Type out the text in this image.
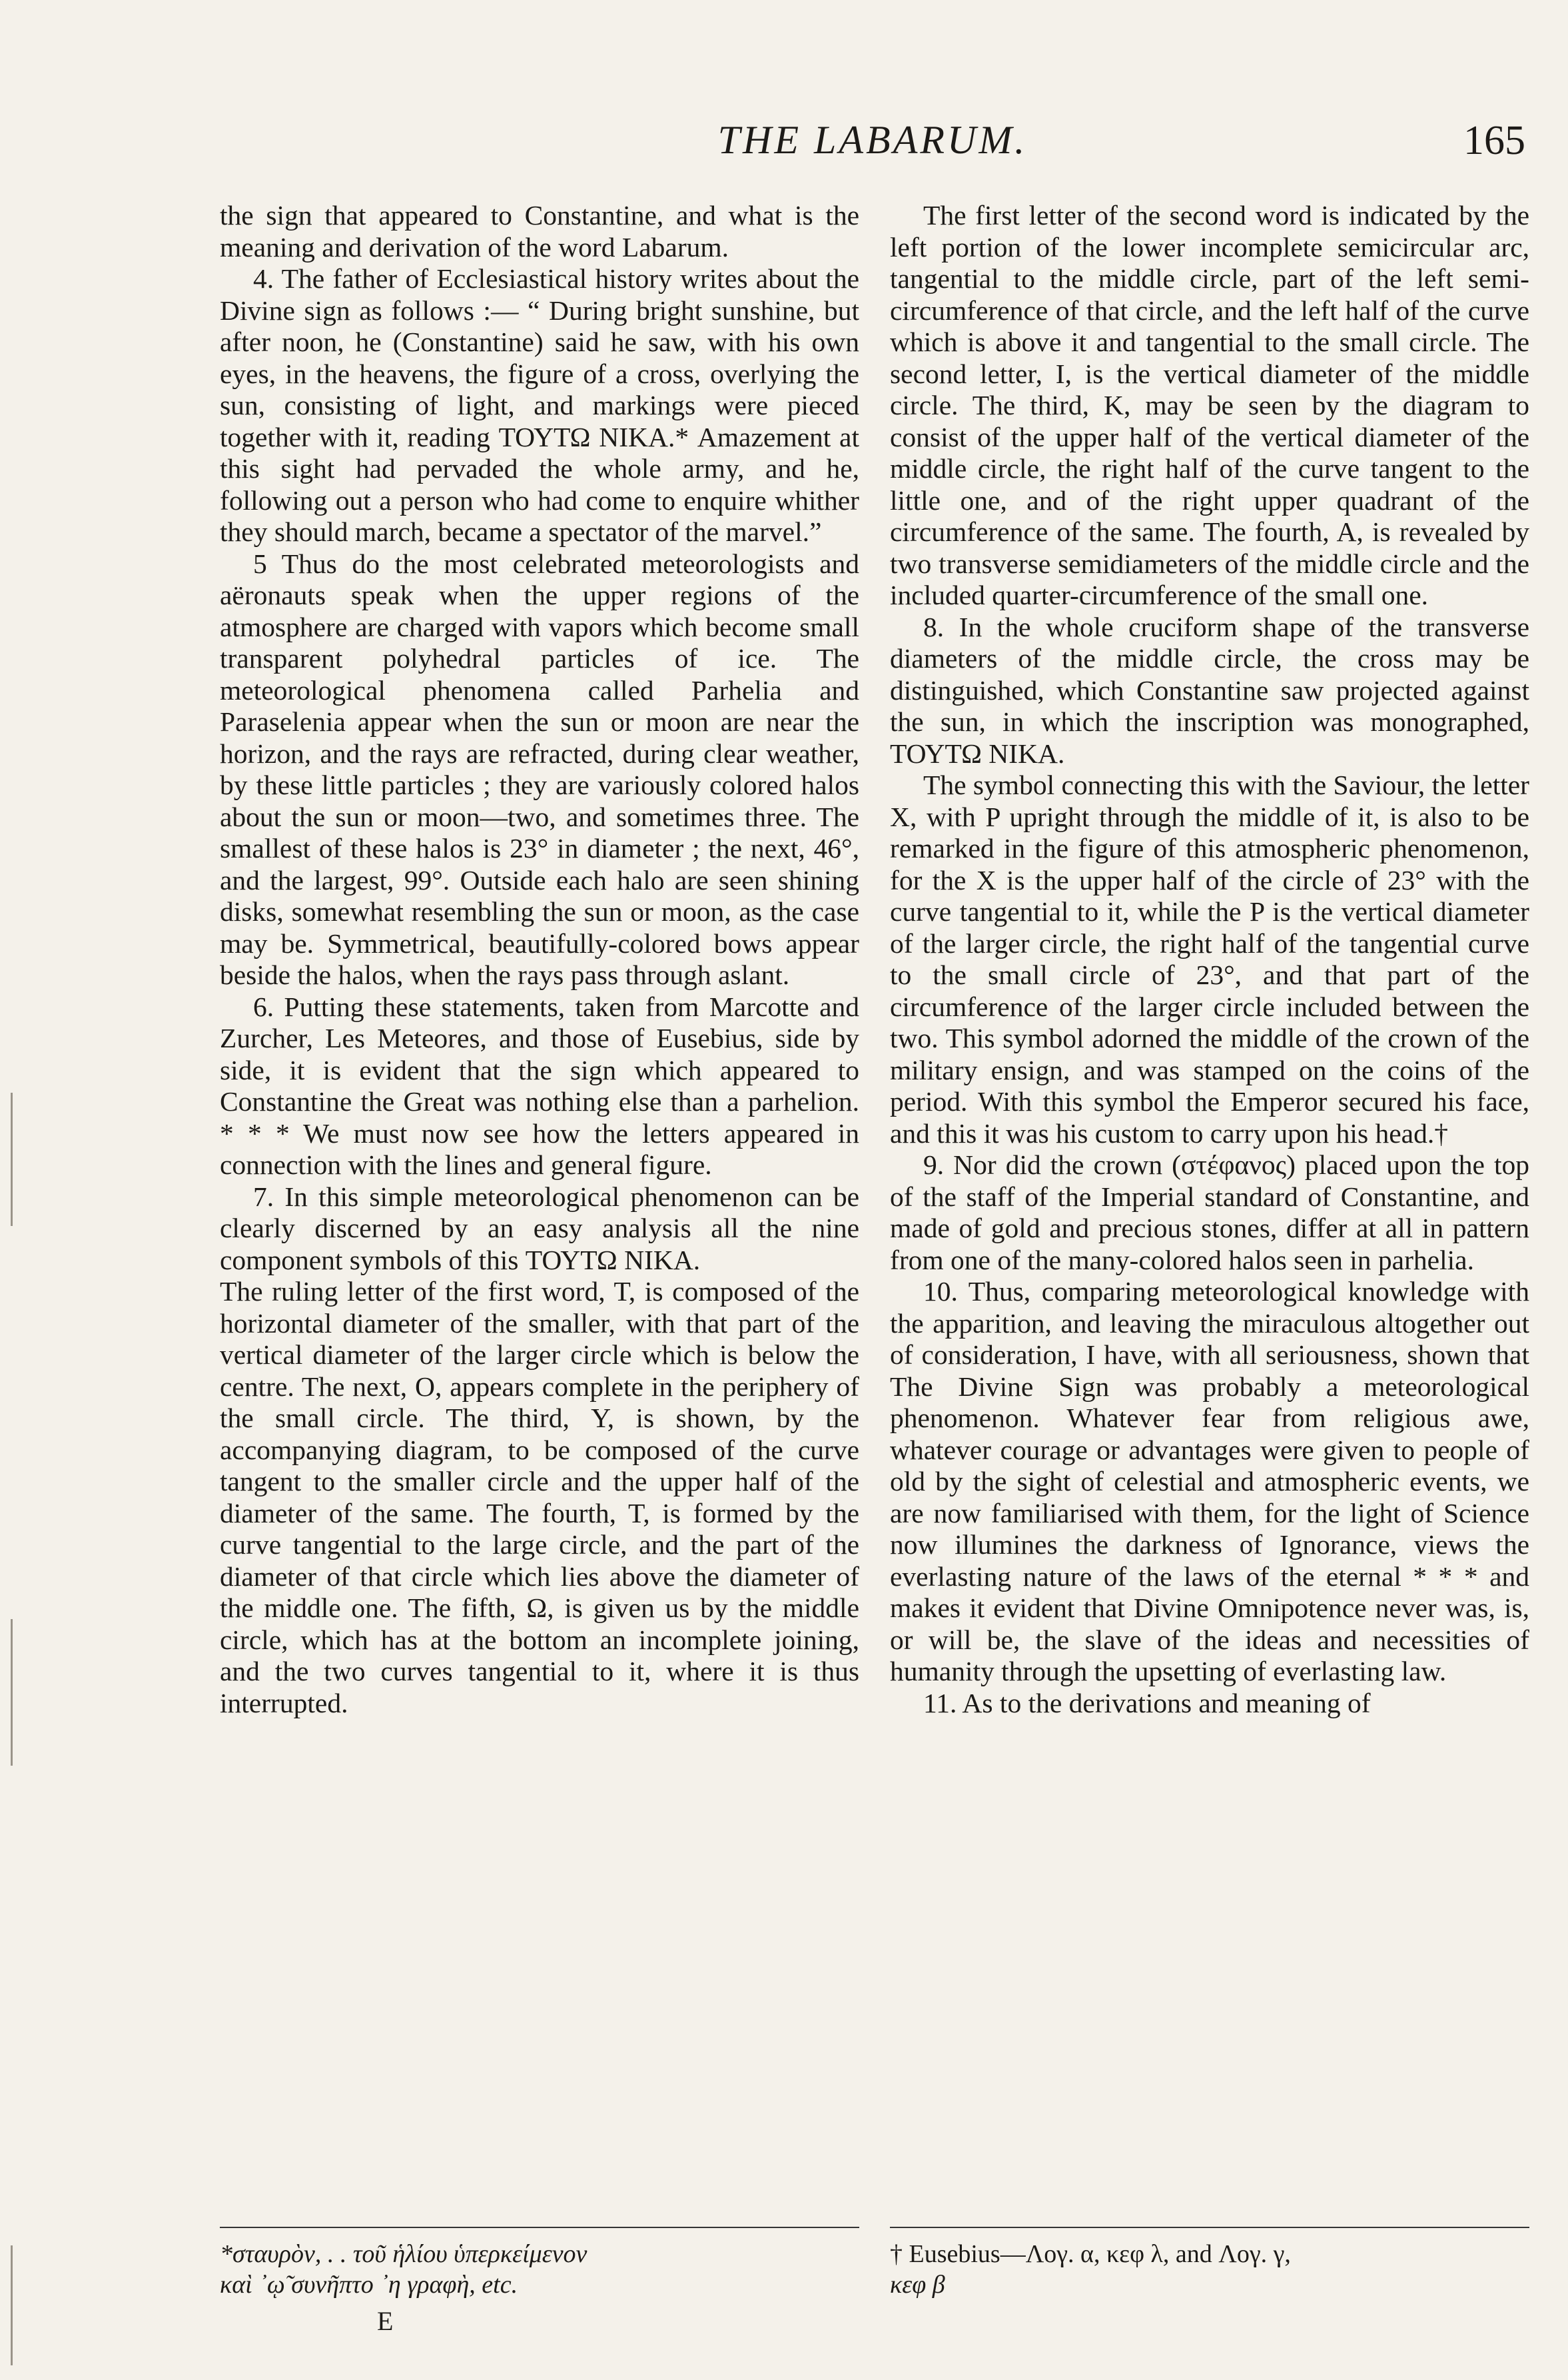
THE LABARUM.	165

the sign that appeared to Constantine, and what is the meaning and derivation of the word Labarum.

4. The father of Ecclesiastical history writes about the Divine sign as follows :— “ During bright sunshine, but after noon, he (Constantine) said he saw, with his own eyes, in the heavens, the figure of a cross, overlying the sun, consisting of light, and markings were pieced together with it, reading ΤΟΥΤΩ ΝΙΚΑ.* Amazement at this sight had pervaded the whole army, and he, following out a person who had come to enquire whither they should march, became a spectator of the marvel.”

5 Thus do the most celebrated meteorologists and aëronauts speak when the upper regions of the atmosphere are charged with vapors which become small transparent polyhedral particles of ice. The meteorological phenomena called Parhelia and Paraselenia appear when the sun or moon are near the horizon, and the rays are refracted, during clear weather, by these little particles ; they are variously colored halos about the sun or moon—two, and sometimes three. The smallest of these halos is 23° in diameter ; the next, 46°, and the largest, 99°. Outside each halo are seen shining disks, somewhat resembling the sun or moon, as the case may be. Symmetrical, beautifully-colored bows appear beside the halos, when the rays pass through aslant.

6. Putting these statements, taken from Marcotte and Zurcher, Les Meteores, and those of Eusebius, side by side, it is evident that the sign which appeared to Constantine the Great was nothing else than a parhelion. * * * We must now see how the letters appeared in connection with the lines and general figure.

7. In this simple meteorological phenomenon can be clearly discerned by an easy analysis all the nine component symbols of this ΤΟΥΤΩ ΝΙΚΑ.

The ruling letter of the first word, T, is composed of the horizontal diameter of the smaller, with that part of the vertical diameter of the larger circle which is below the centre. The next, O, appears complete in the periphery of the small circle. The third, Υ, is shown, by the accompanying diagram, to be composed of the curve tangent to the smaller circle and the upper half of the diameter of the same. The fourth, T, is formed by the curve tangential to the large circle, and the part of the diameter of that circle which lies above the diameter of the middle one. The fifth, Ω, is given us by the middle circle, which has at the bottom an incomplete joining, and the two curves tangential to it, where it is thus interrupted.

The first letter of the second word is indicated by the left portion of the lower incomplete semicircular arc, tangential to the middle circle, part of the left semi-circumference of that circle, and the left half of the curve which is above it and tangential to the small circle. The second letter, I, is the vertical diameter of the middle circle. The third, K, may be seen by the diagram to consist of the upper half of the vertical diameter of the middle circle, the right half of the curve tangent to the little one, and of the right upper quadrant of the circumference of the same. The fourth, A, is revealed by two transverse semidiameters of the middle circle and the included quarter-circumference of the small one.

8. In the whole cruciform shape of the transverse diameters of the middle circle, the cross may be distinguished, which Constantine saw projected against the sun, in which the inscription was monographed, ΤΟΥΤΩ ΝΙΚΑ.

The symbol connecting this with the Saviour, the letter X, with P upright through the middle of it, is also to be remarked in the figure of this atmospheric phenomenon, for the X is the upper half of the circle of 23° with the curve tangential to it, while the P is the vertical diameter of the larger circle, the right half of the tangential curve to the small circle of 23°, and that part of the circumference of the larger circle included between the two. This symbol adorned the middle of the crown of the military ensign, and was stamped on the coins of the period. With this symbol the Emperor secured his face, and this it was his custom to carry upon his head.†

9. Nor did the crown (στέφανος) placed upon the top of the staff of the Imperial standard of Constantine, and made of gold and precious stones, differ at all in pattern from one of the many-colored halos seen in parhelia.

10. Thus, comparing meteorological knowledge with the apparition, and leaving the miraculous altogether out of consideration, I have, with all seriousness, shown that The Divine Sign was probably a meteorological phenomenon. Whatever fear from religious awe, whatever courage or advantages were given to people of old by the sight of celestial and atmospheric events, we are now familiarised with them, for the light of Science now illumines the darkness of Ignorance, views the everlasting nature of the laws of the eternal * * * and makes it evident that Divine Omnipotence never was, is, or will be, the slave of the ideas and necessities of humanity through the upsetting of everlasting law.

11. As to the derivations and meaning of

*σταυρὸν, . . τοῦ ἡλίου ὑπερκείμενον
καὶ ᾽ῳ̃ συνῆπτο ᾽η γραφὴ, etc.
† Eusebius—Λογ. α, κεφ λ, and Λογ. γ,
κεφ β
E
